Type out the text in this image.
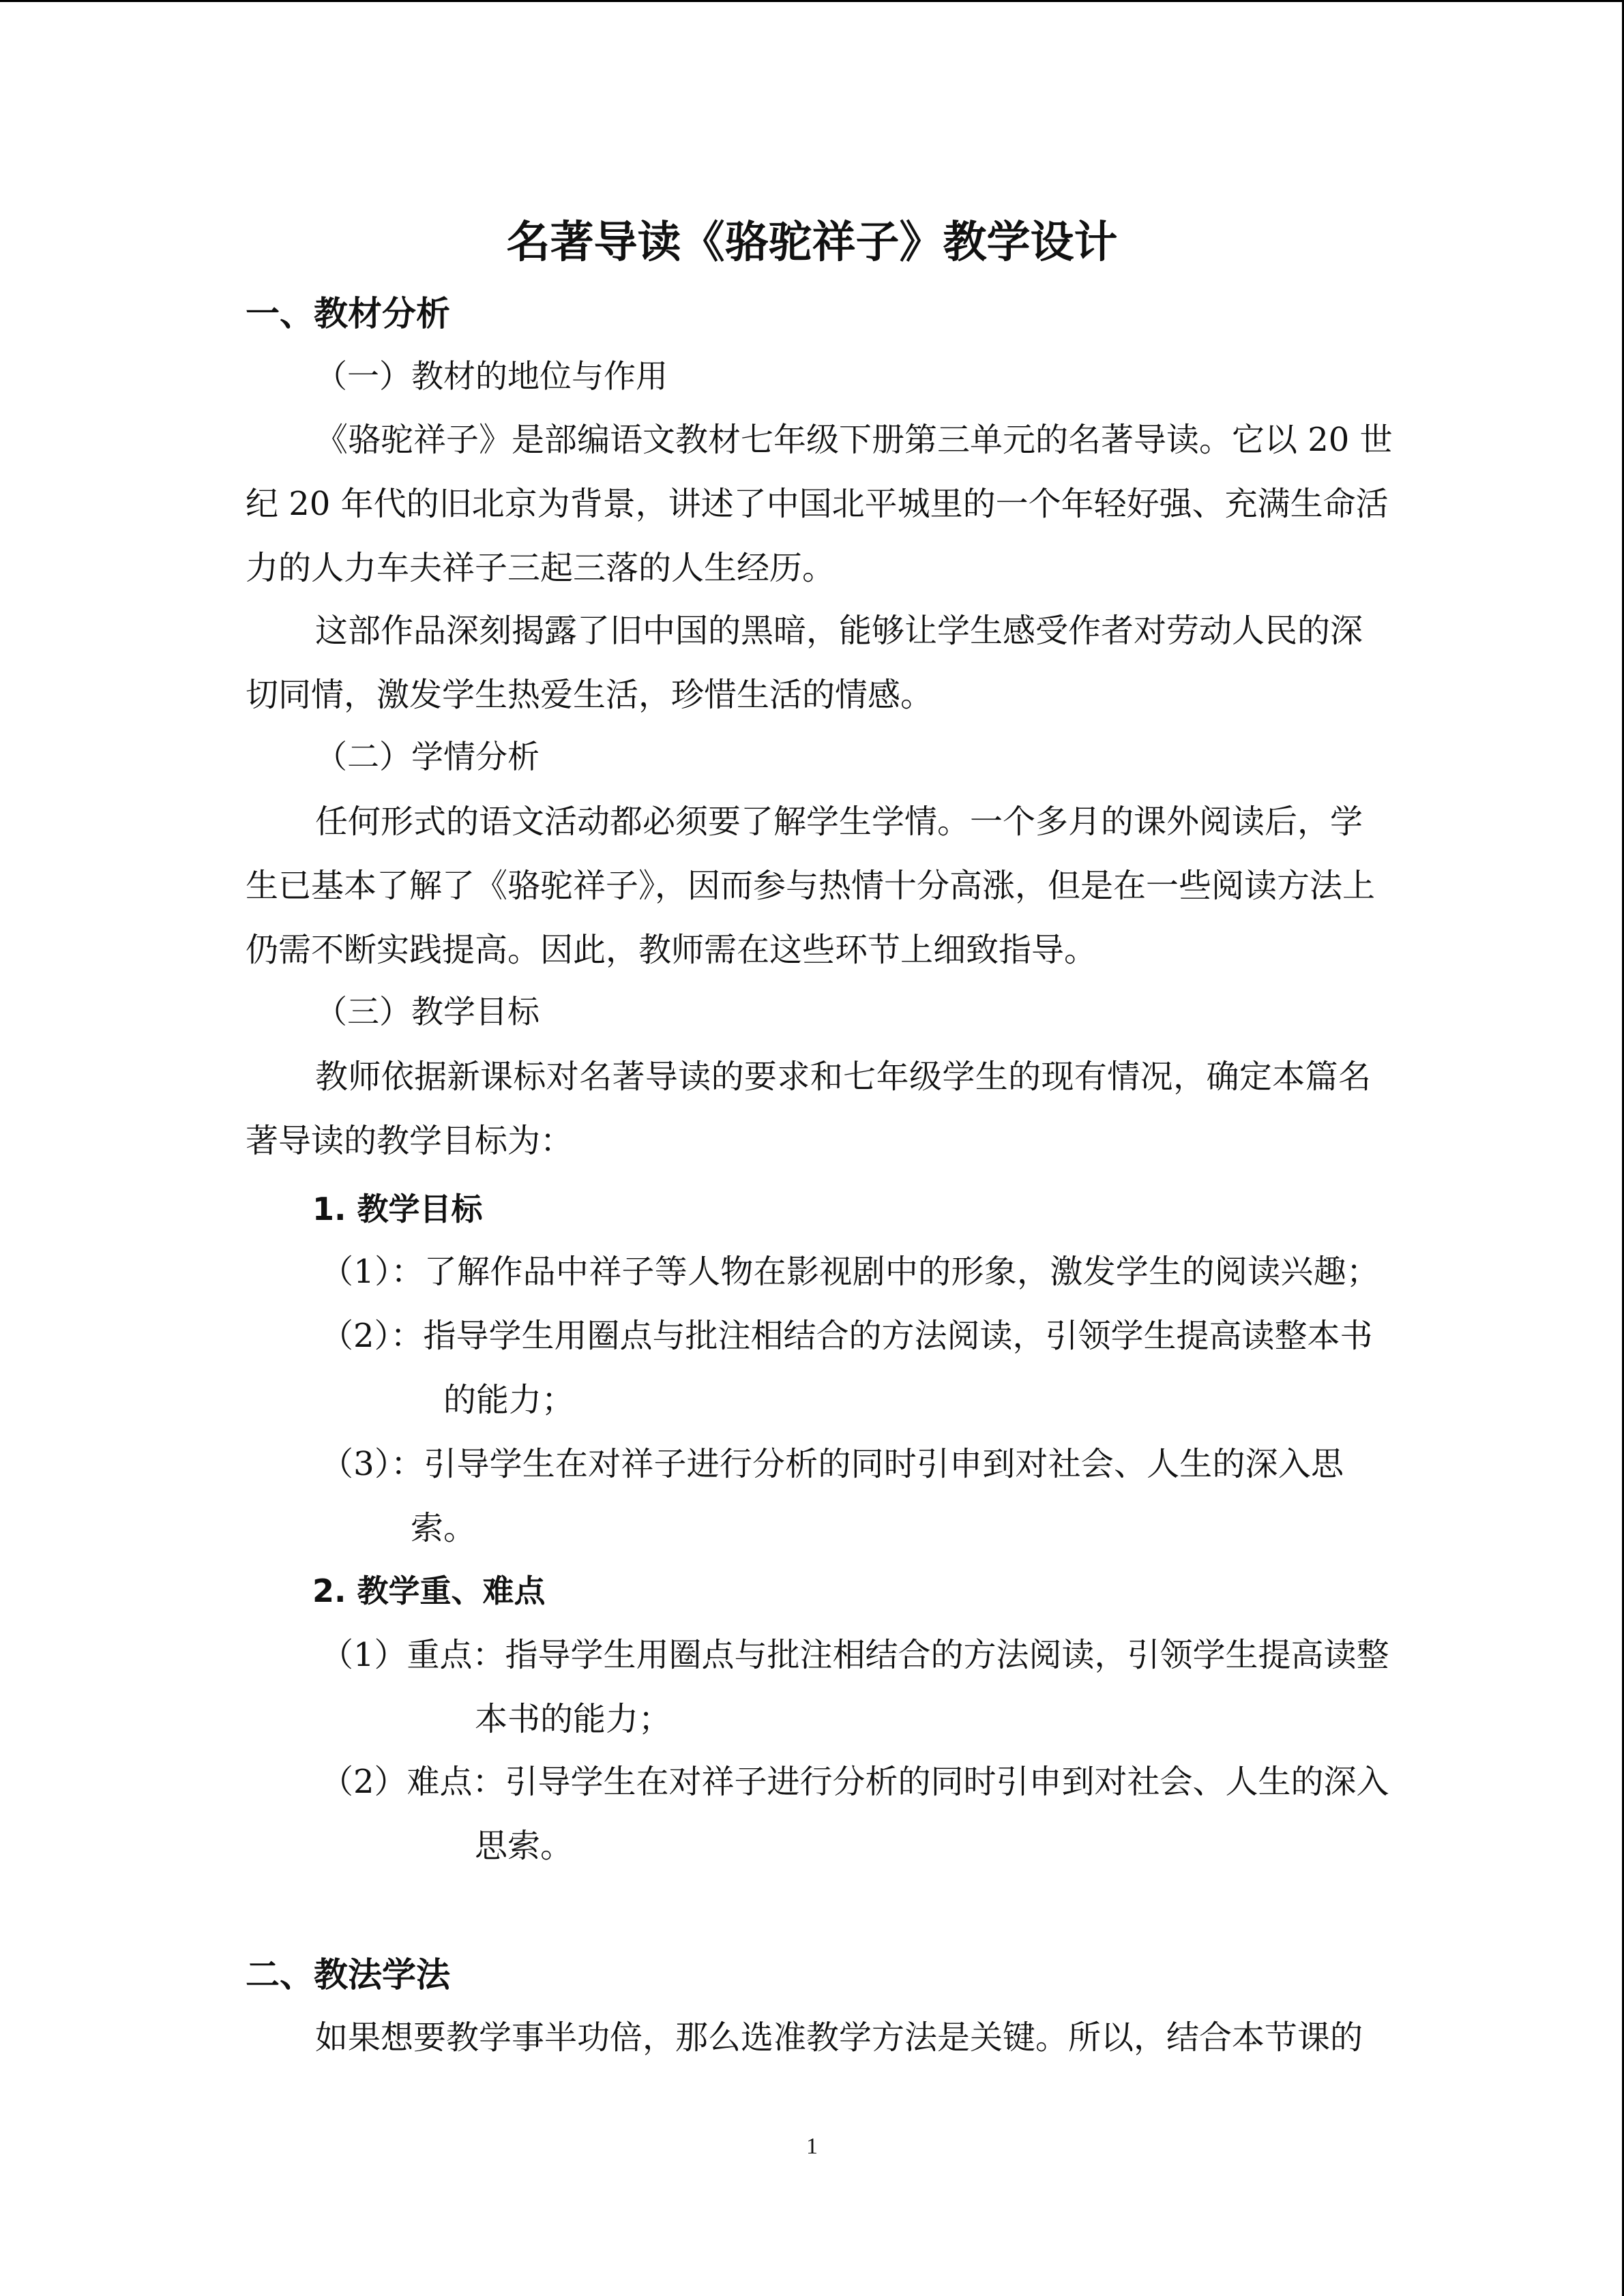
名著导读《骆驼祥子》教学设计
一、教材分析
（一）教材的地位与作用
《骆驼祥子》是部编语文教材七年级下册第三单元的名著导读。它以 20 世
纪 20 年代的旧北京为背景，讲述了中国北平城里的一个年轻好强、充满生命活
力的人力车夫祥子三起三落的人生经历。
这部作品深刻揭露了旧中国的黑暗，能够让学生感受作者对劳动人民的深
切同情，激发学生热爱生活，珍惜生活的情感。
（二）学情分析
任何形式的语文活动都必须要了解学生学情。一个多月的课外阅读后，学
生已基本了解了《骆驼祥子》，因而参与热情十分高涨，但是在一些阅读方法上
仍需不断实践提高。因此，教师需在这些环节上细致指导。
（三）教学目标
教师依据新课标对名著导读的要求和七年级学生的现有情况，确定本篇名
著导读的教学目标为：
1. 教学目标
（1）：了解作品中祥子等人物在影视剧中的形象，激发学生的阅读兴趣；
（2）：指导学生用圈点与批注相结合的方法阅读，引领学生提高读整本书
的能力；
（3）：引导学生在对祥子进行分析的同时引申到对社会、人生的深入思
索。
2. 教学重、难点
（1）重点：指导学生用圈点与批注相结合的方法阅读，引领学生提高读整
本书的能力；
（2）难点：引导学生在对祥子进行分析的同时引申到对社会、人生的深入
思索。
二、教法学法
如果想要教学事半功倍，那么选准教学方法是关键。所以，结合本节课的
1
